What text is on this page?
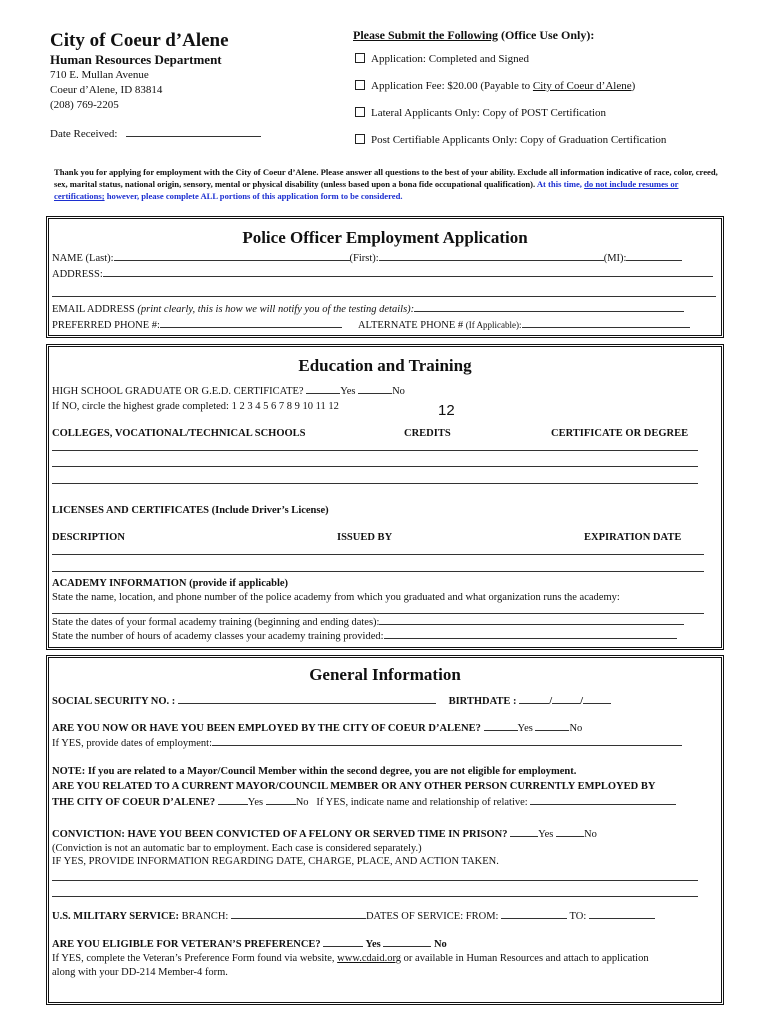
City of Coeur d’Alene
Human Resources Department
710 E. Mullan Avenue
Coeur d’Alene, ID 83814
(208) 769-2205
Date Received:
Please Submit the Following (Office Use Only):
Application: Completed and Signed
Application Fee: $20.00 (Payable to City of Coeur d’Alene)
Lateral Applicants Only: Copy of POST Certification
Post Certifiable Applicants Only: Copy of Graduation Certification
Thank you for applying for employment with the City of Coeur d’Alene. Please answer all questions to the best of your ability. Exclude all information indicative of race, color, creed, sex, marital status, national origin, sensory, mental or physical disability (unless based upon a bona fide occupational qualification). At this time, do not include resumes or certifications; however, please complete ALL portions of this application form to be considered.
Police Officer Employment Application
NAME (Last):	(First):	(MI):
ADDRESS:
EMAIL ADDRESS (print clearly, this is how we will notify you of the testing details):
PREFERRED PHONE #:	ALTERNATE PHONE # (If Applicable):
Education and Training
HIGH SCHOOL GRADUATE OR G.E.D. CERTIFICATE?	Yes	No
If NO, circle the highest grade completed: 1 2 3 4 5 6 7 8 9 10 11 12	12
COLLEGES, VOCATIONAL/TECHNICAL SCHOOLS	CREDITS	CERTIFICATE OR DEGREE
LICENSES AND CERTIFICATES (Include Driver’s License)
DESCRIPTION	ISSUED BY	EXPIRATION DATE
ACADEMY INFORMATION (provide if applicable)
State the name, location, and phone number of the police academy from which you graduated and what organization runs the academy:
State the dates of your formal academy training (beginning and ending dates):
State the number of hours of academy classes your academy training provided:
General Information
SOCIAL SECURITY NO. :	BIRTHDATE :	/	/
ARE YOU NOW OR HAVE YOU BEEN EMPLOYED BY THE CITY OF COEUR D’ALENE?	Yes	No
If YES, provide dates of employment:
NOTE: If you are related to a Mayor/Council Member within the second degree, you are not eligible for employment.
ARE YOU RELATED TO A CURRENT MAYOR/COUNCIL MEMBER OR ANY OTHER PERSON CURRENTLY EMPLOYED BY
THE CITY OF COEUR D’ALENE?	Yes	No If YES, indicate name and relationship of relative:
CONVICTION: HAVE YOU BEEN CONVICTED OF A FELONY OR SERVED TIME IN PRISON?	Yes	No
(Conviction is not an automatic bar to employment. Each case is considered separately.)
IF YES, PROVIDE INFORMATION REGARDING DATE, CHARGE, PLACE, AND ACTION TAKEN.
U.S. MILITARY SERVICE: BRANCH:	DATES OF SERVICE: FROM:	TO:
ARE YOU ELIGIBLE FOR VETERAN’S PREFERENCE?	Yes	No
If YES, complete the Veteran’s Preference Form found via website, www.cdaid.org or available in Human Resources and attach to application
along with your DD-214 Member-4 form.
